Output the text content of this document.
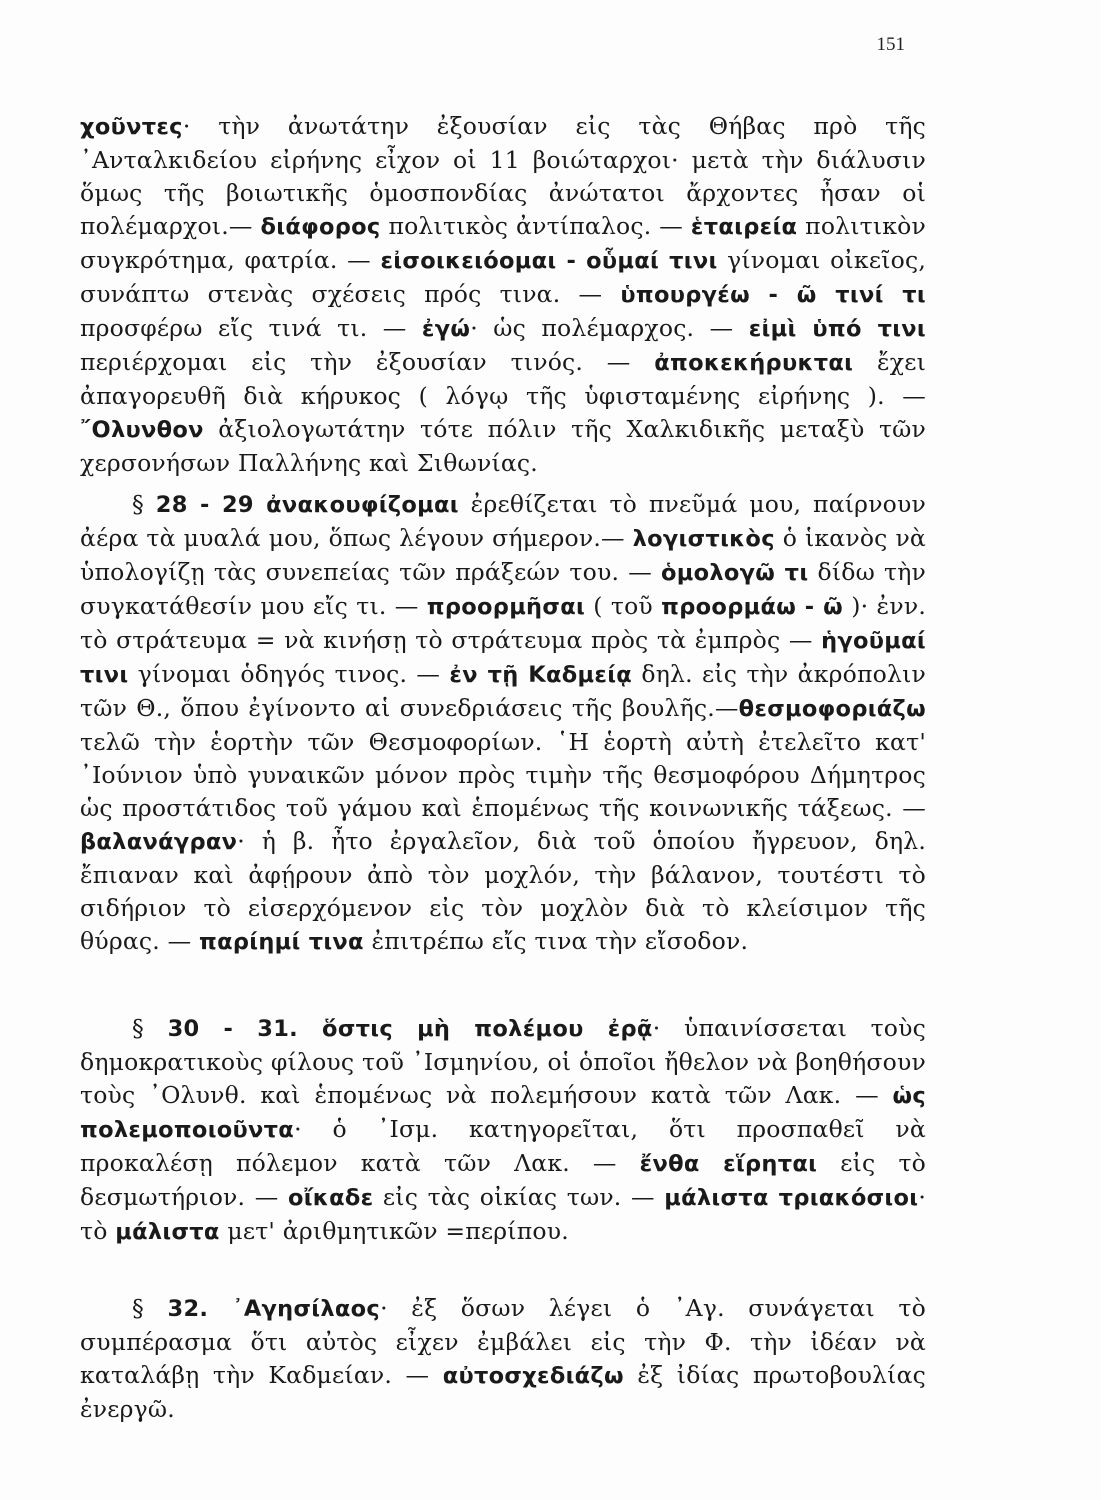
151
χοῦντες· τὴν ἀνωτάτην ἐξουσίαν εἰς τὰς Θήβας πρὸ τῆς ᾿Ανταλκιδείου εἰρήνης εἶχον οἱ 11 βοιώταρχοι· μετὰ τὴν διάλυσιν ὅμως τῆς βοιωτικῆς ὁμοσπονδίας ἀνώτατοι ἄρχοντες ἦσαν οἱ πολέμαρχοι.— διάφορος πολιτικὸς ἀντίπαλος. — ἑταιρεία πολιτικὸν συγκρότημα, φατρία. — εἰσοικειόομαι - οὗμαί τινι γίνομαι οἰκεῖος, συνάπτω στενὰς σχέσεις πρός τινα. — ὑπουργέω - ῶ τινί τι προσφέρω εἴς τινά τι. — ἐγώ· ὡς πολέμαρχος. — εἰμὶ ὑπό τινι περιέρχομαι εἰς τὴν ἐξουσίαν τινός. — ἀποκεκήρυκται ἔχει ἀπαγορευθῆ διὰ κήρυκος ( λόγῳ τῆς ὑφισταμένης εἰρήνης ). — ῎Ολυνθον ἀξιολογωτάτην τότε πόλιν τῆς Χαλκιδικῆς μεταξὺ τῶν χερσονήσων Παλλήνης καὶ Σιθωνίας.
§ 28 - 29 ἀνακουφίζομαι ἐρεθίζεται τὸ πνεῦμά μου, παίρνουν ἀέρα τὰ μυαλά μου, ὅπως λέγουν σήμερον.— λογιστικὸς ὁ ἱκανὸς νὰ ὑπολογίζῃ τὰς συνεπείας τῶν πράξεών του. — ὁμολογῶ τι δίδω τὴν συγκατάθεσίν μου εἴς τι. — προορμῆσαι ( τοῦ προορμάω - ῶ )· ἐνν. τὸ στράτευμα = νὰ κινήσῃ τὸ στράτευμα πρὸς τὰ ἐμπρὸς — ἡγοῦμαί τινι γίνομαι ὁδηγός τινος. — ἐν τῇ Καδμείᾳ δηλ. εἰς τὴν ἀκρόπολιν τῶν Θ., ὅπου ἐγίνοντο αἱ συνεδριάσεις τῆς βουλῆς.—θεσμοφοριάζω τελῶ τὴν ἑορτὴν τῶν Θεσμοφορίων. ῾Η ἑορτὴ αὐτὴ ἐτελεῖτο κατ' ᾿Ιούνιον ὑπὸ γυναικῶν μόνον πρὸς τιμὴν τῆς θεσμοφόρου Δήμητρος ὡς προστάτιδος τοῦ γάμου καὶ ἑπομένως τῆς κοινωνικῆς τάξεως. — βαλανάγραν· ἡ β. ἦτο ἐργαλεῖον, διὰ τοῦ ὁποίου ἤγρευον, δηλ. ἔπιαναν καὶ ἀφῄρουν ἀπὸ τὸν μοχλόν, τὴν βάλανον, τουτέστι τὸ σιδήριον τὸ εἰσερχόμενον εἰς τὸν μοχλὸν διὰ τὸ κλείσιμον τῆς θύρας. — παρίημί τινα ἐπιτρέπω εἴς τινα τὴν εἴσοδον.
§ 30 - 31. ὅστις μὴ πολέμου ἐρᾷ· ὑπαινίσσεται τοὺς δημοκρατικοὺς φίλους τοῦ ᾿Ισμηνίου, οἱ ὁποῖοι ἤθελον νὰ βοηθήσουν τοὺς ᾿Ολυνθ. καὶ ἑπομένως νὰ πολεμήσουν κατὰ τῶν Λακ. — ὡς πολεμοποιοῦντα· ὁ ᾿Ισμ. κατηγορεῖται, ὅτι προσπαθεῖ νὰ προκαλέσῃ πόλεμον κατὰ τῶν Λακ. — ἔνθα εἵρηται εἰς τὸ δεσμωτήριον. — οἴκαδε εἰς τὰς οἰκίας των. — μάλιστα τριακόσιοι· τὸ μάλιστα μετ' ἀριθμητικῶν =περίπου.
§ 32. ᾿Αγησίλαος· ἐξ ὅσων λέγει ὁ ᾿Αγ. συνάγεται τὸ συμπέρασμα ὅτι αὐτὸς εἶχεν ἐμβάλει εἰς τὴν Φ. τὴν ἰδέαν νὰ καταλάβῃ τὴν Καδμείαν. — αὐτοσχεδιάζω ἐξ ἰδίας πρωτοβουλίας ἐνεργῶ.
